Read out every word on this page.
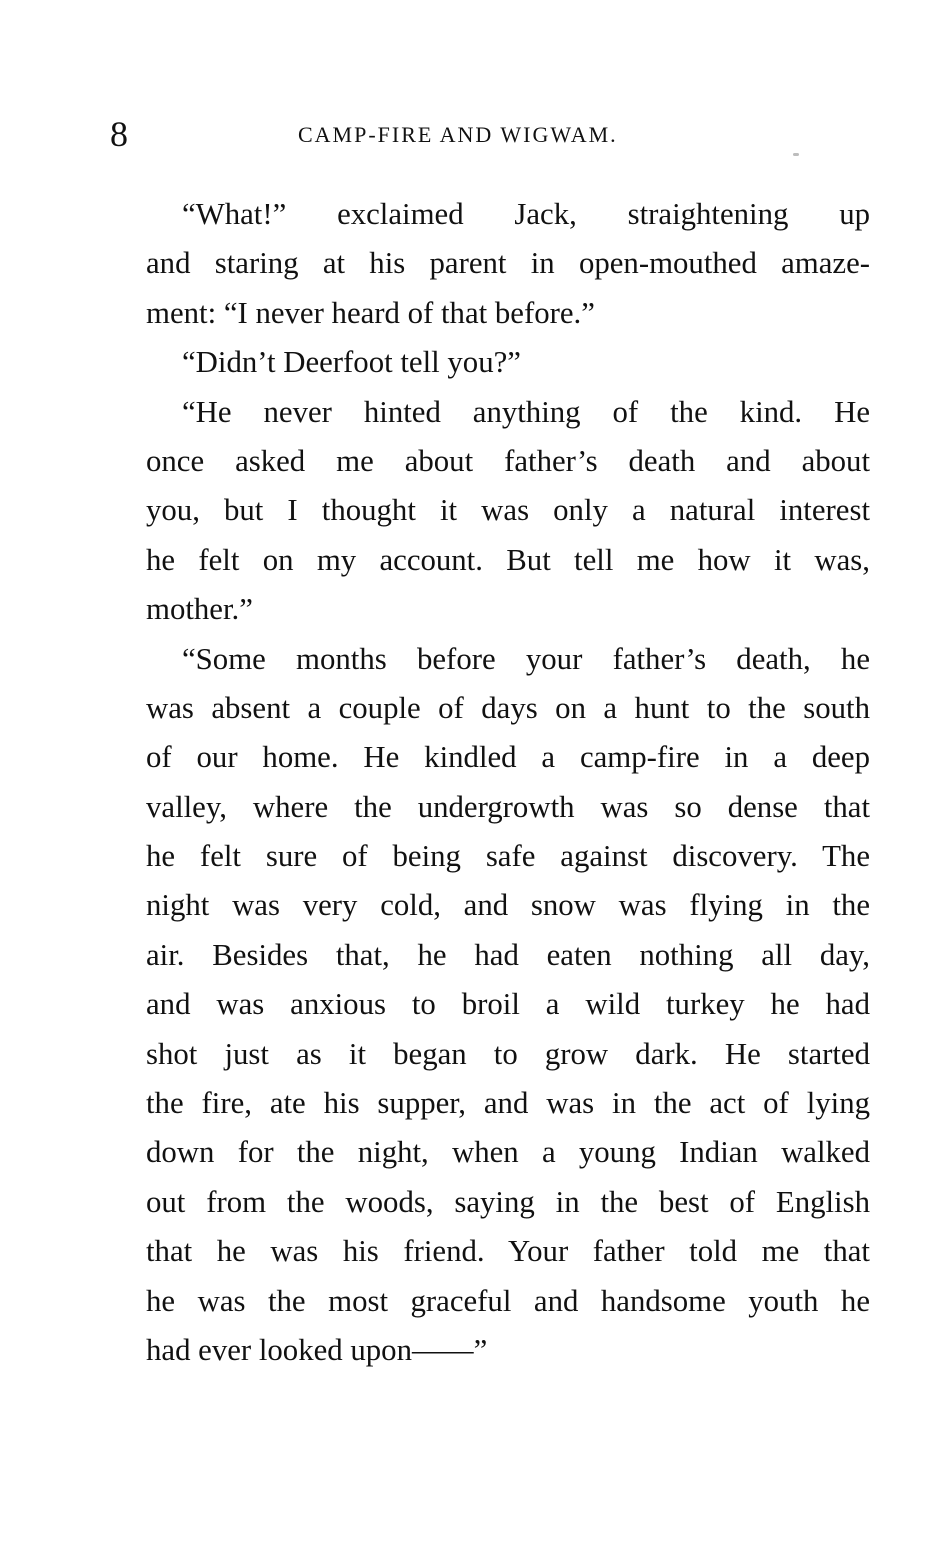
8	CAMP-FIRE AND WIGWAM.
“What!” exclaimed Jack, straightening up
and staring at his parent in open-mouthed amaze-
ment: “I never heard of that before.”
“Didn’t Deerfoot tell you?”
“He never hinted anything of the kind. He
once asked me about father’s death and about
you, but I thought it was only a natural interest
he felt on my account. But tell me how it was,
mother.”
“Some months before your father’s death, he
was absent a couple of days on a hunt to the south
of our home. He kindled a camp-fire in a deep
valley, where the undergrowth was so dense that
he felt sure of being safe against discovery. The
night was very cold, and snow was flying in the
air. Besides that, he had eaten nothing all day,
and was anxious to broil a wild turkey he had
shot just as it began to grow dark. He started
the fire, ate his supper, and was in the act of lying
down for the night, when a young Indian walked
out from the woods, saying in the best of English
that he was his friend. Your father told me that
he was the most graceful and handsome youth he
had ever looked upon——”
